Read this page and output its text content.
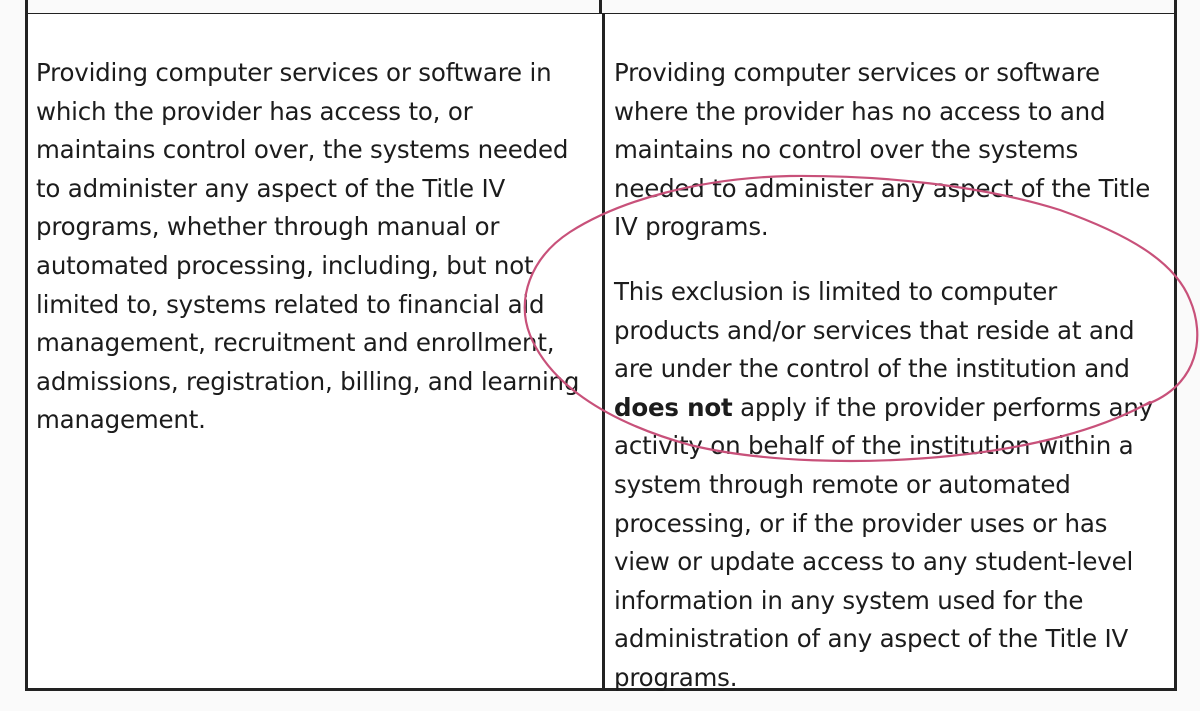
Providing computer services or software in which the provider has access to, or maintains control over, the systems needed to administer any aspect of the Title IV programs, whether through manual or automated processing, including, but not limited to, systems related to financial aid management, recruitment and enrollment, admissions, registration, billing, and learning management.

Providing computer services or software where the provider has no access to and maintains no control over the systems needed to administer any aspect of the Title IV programs.

This exclusion is limited to computer products and/or services that reside at and are under the control of the institution and does not apply if the provider performs any activity on behalf of the institution within a system through remote or automated processing, or if the provider uses or has view or update access to any student-level information in any system used for the administration of any aspect of the Title IV programs.
